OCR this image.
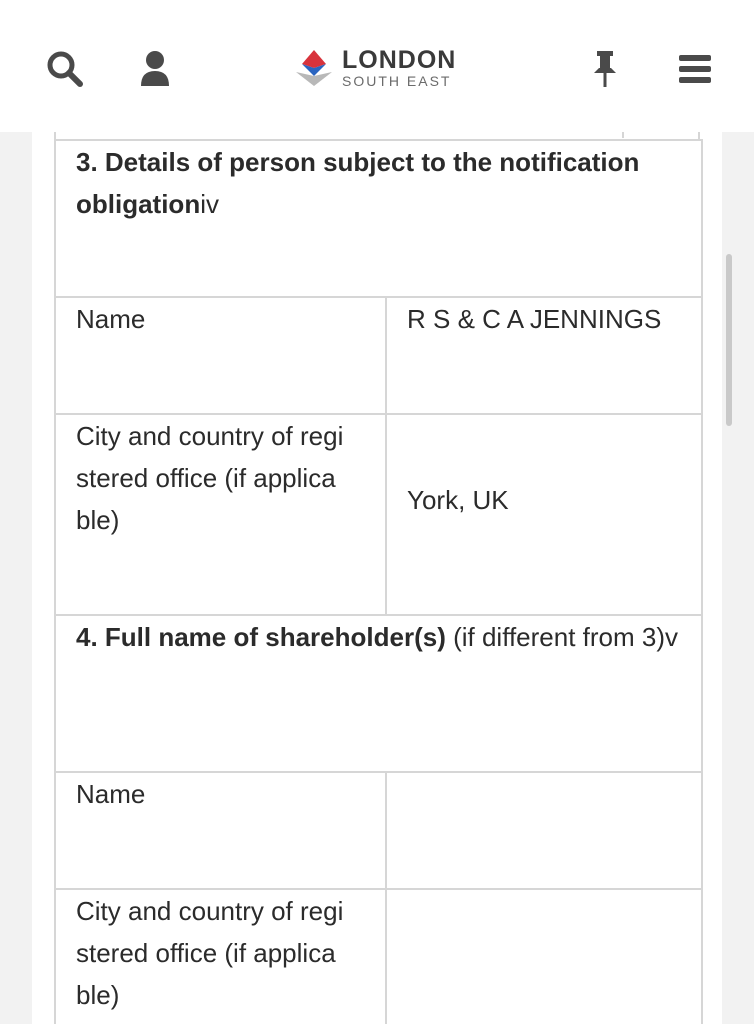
LONDON
SOUTH EAST
3. Details of person subject to the notification obligationiv	
Name	R S & C A JENNINGS
City and country of regi stered office (if applica ble)	York, UK
4. Full name of shareholder(s) (if different from 3)v	
Name	
City and country of regi stered office (if applica ble)	
